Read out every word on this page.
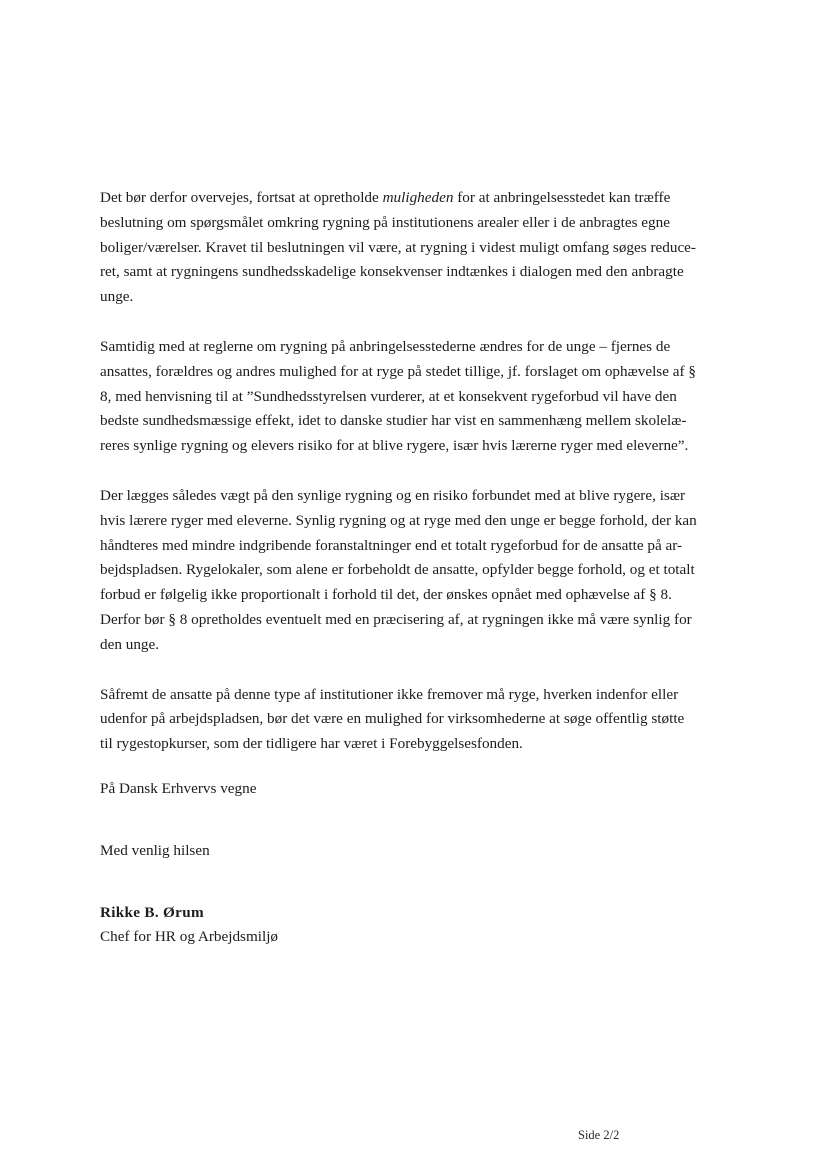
Det bør derfor overvejes, fortsat at opretholde muligheden for at anbringelsesstedet kan træffe
beslutning om spørgsmålet omkring rygning på institutionens arealer eller i de anbragtes egne
boliger/værelser. Kravet til beslutningen vil være, at rygning i videst muligt omfang søges reduce-
ret, samt at rygningens sundhedsskadelige konsekvenser indtænkes i dialogen med den anbragte
unge.

Samtidig med at reglerne om rygning på anbringelsesstederne ændres for de unge – fjernes de
ansattes, forældres og andres mulighed for at ryge på stedet tillige, jf. forslaget om ophævelse af §
8, med henvisning til at ”Sundhedsstyrelsen vurderer, at et konsekvent rygeforbud vil have den
bedste sundhedsmæssige effekt, idet to danske studier har vist en sammenhæng mellem skolelæ-
reres synlige rygning og elevers risiko for at blive rygere, især hvis lærerne ryger med eleverne”.

Der lægges således vægt på den synlige rygning og en risiko forbundet med at blive rygere, især
hvis lærere ryger med eleverne. Synlig rygning og at ryge med den unge er begge forhold, der kan
håndteres med mindre indgribende foranstaltninger end et totalt rygeforbud for de ansatte på ar-
bejdspladsen. Rygelokaler, som alene er forbeholdt de ansatte, opfylder begge forhold, og et totalt
forbud er følgelig ikke proportionalt i forhold til det, der ønskes opnået med ophævelse af § 8.
Derfor bør § 8 opretholdes eventuelt med en præcisering af, at rygningen ikke må være synlig for
den unge.

Såfremt de ansatte på denne type af institutioner ikke fremover må ryge, hverken indenfor eller
udenfor på arbejdspladsen, bør det være en mulighed for virksomhederne at søge offentlig støtte
til rygestopkurser, som der tidligere har været i Forebyggelsesfonden.

På Dansk Erhvervs vegne

Med venlig hilsen

Rikke B. Ørum
Chef for HR og Arbejdsmiljø
Side 2/2
